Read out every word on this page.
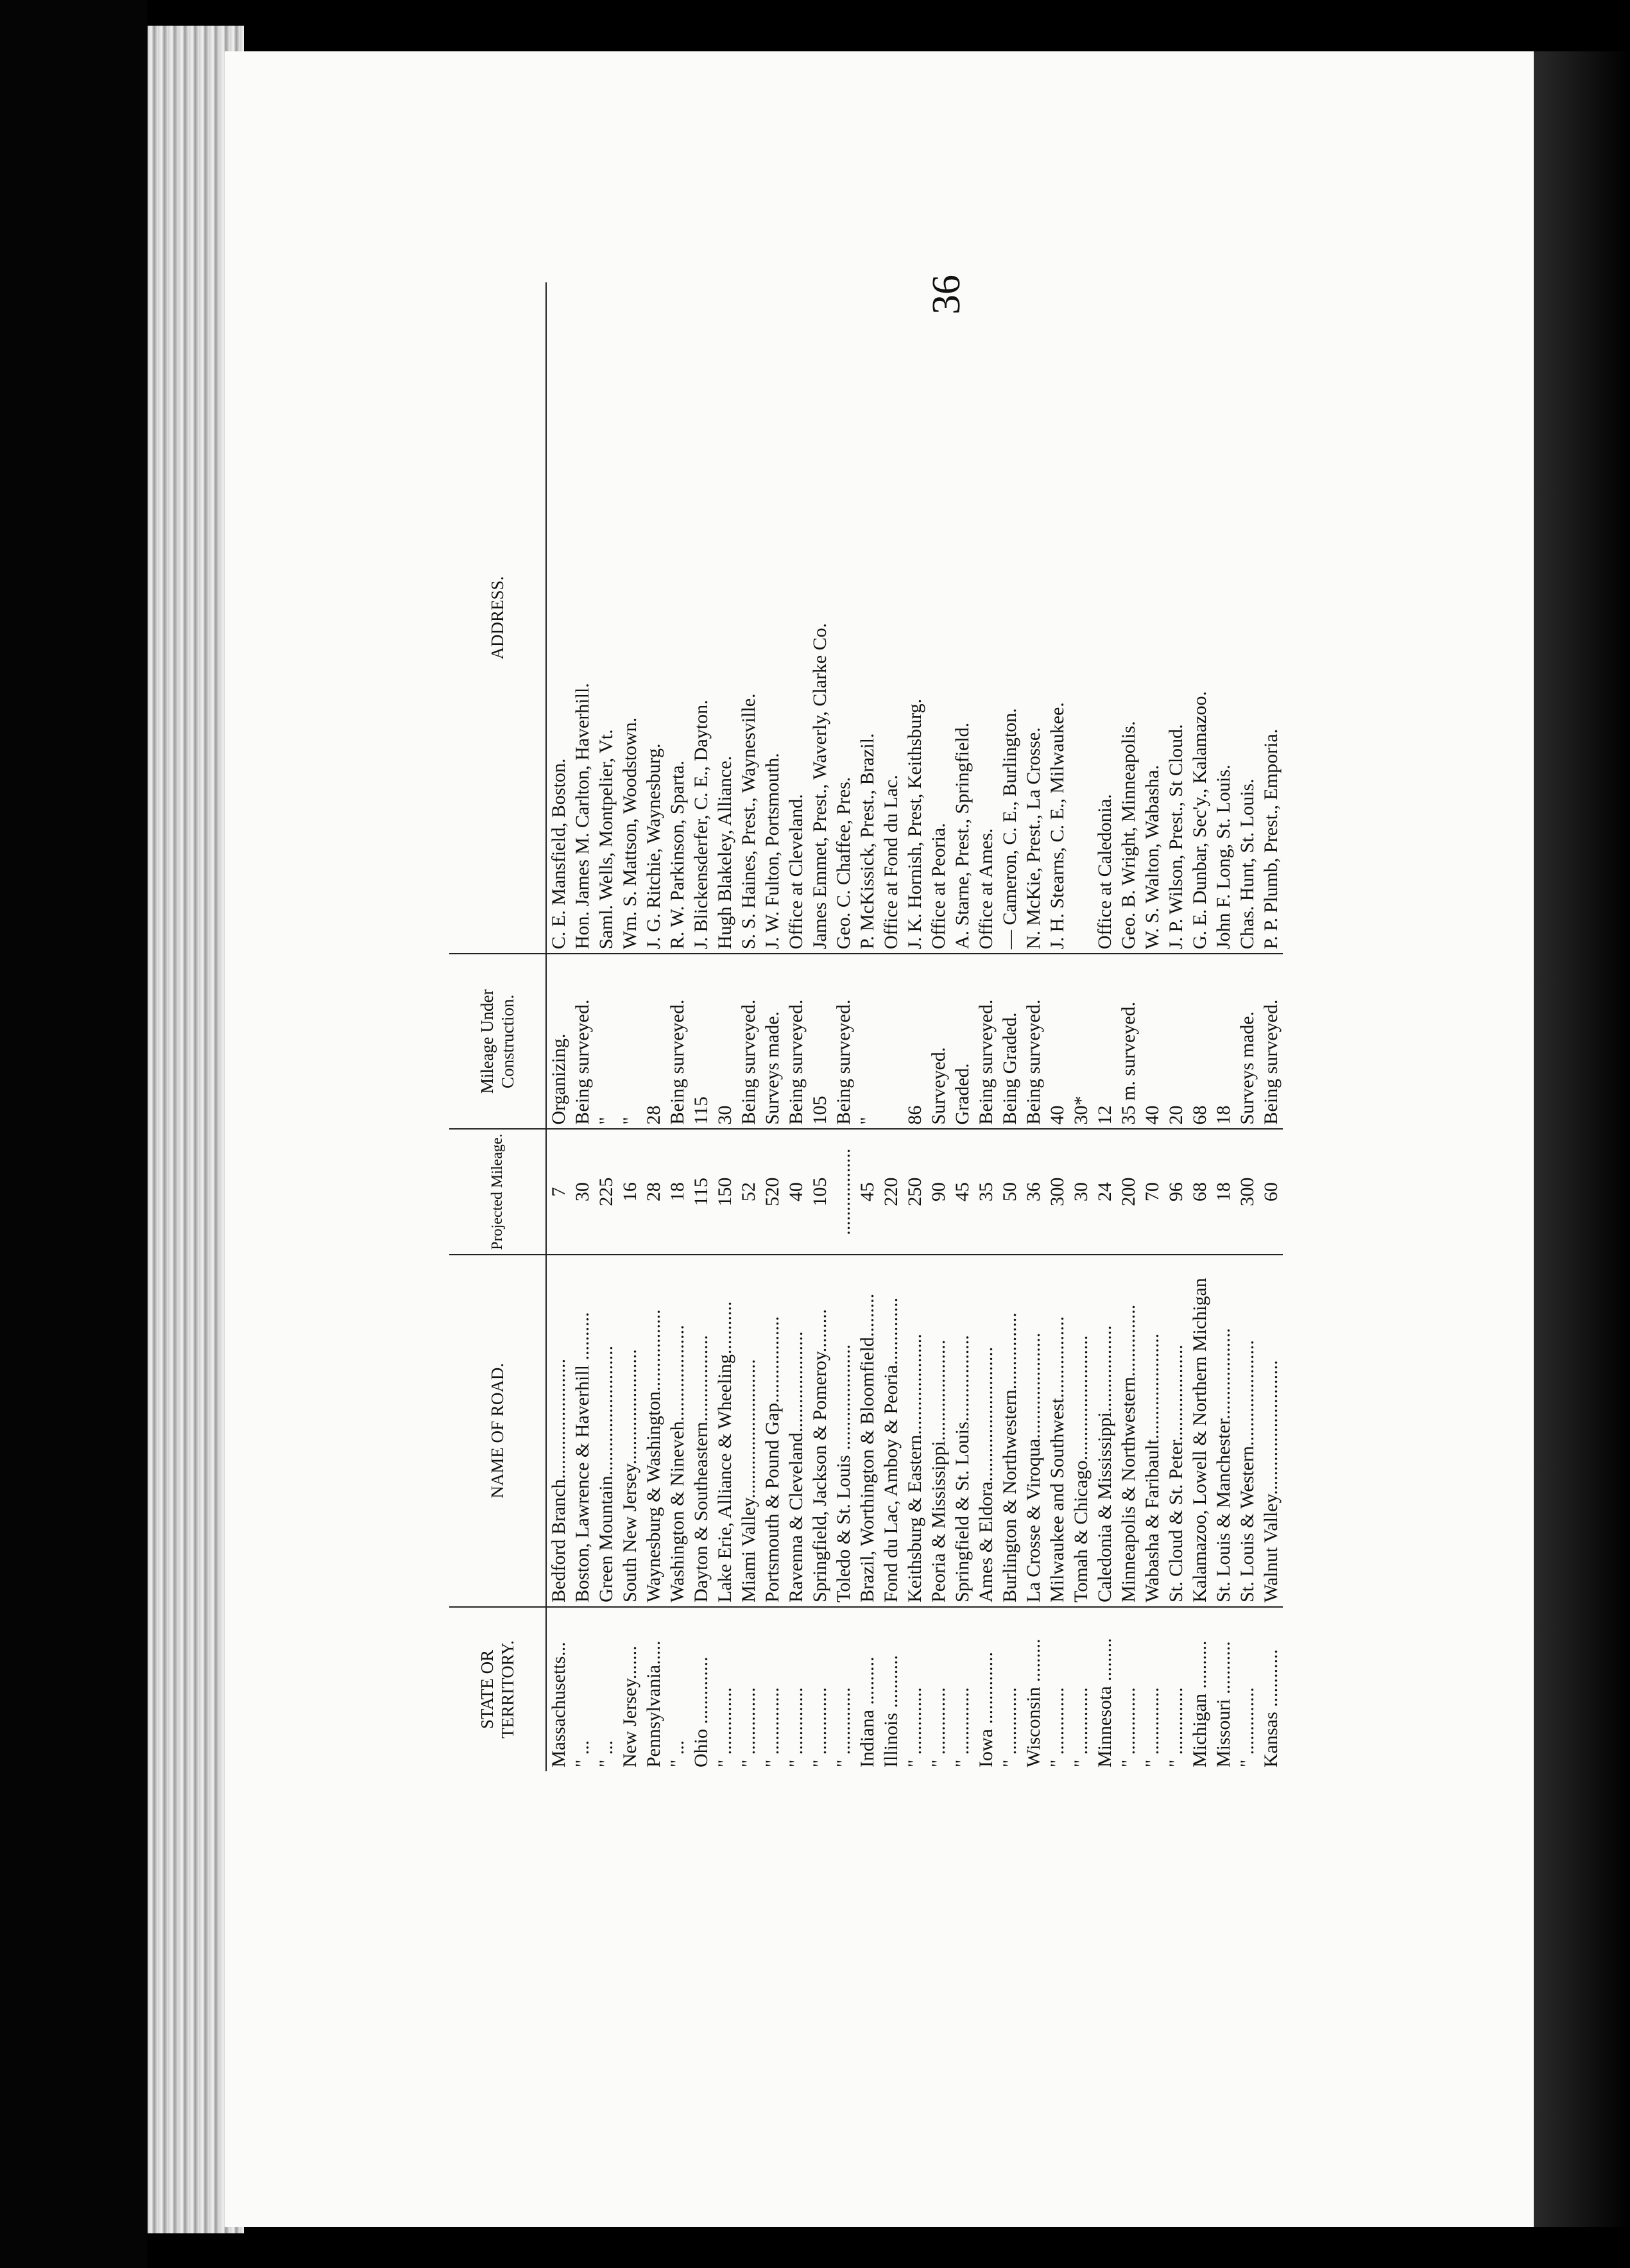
36
STATE OR TERRITORY.	NAME OF ROAD.	Projected Mileage.	Mileage Under Construction.	ADDRESS.
Massachusetts...	Bedford Branch.........................	7	Organizing.	C. E. Mansfield, Boston.
" ...	Boston, Lawrence & Haverhill ..........	30	Being surveyed.	Hon. James M. Carlton, Haverhill.
" ...	Green Mountain...........................	225	"	Saml. Wells, Montpelier, Vt.
New Jersey.......	South New Jersey........................	16	"	Wm. S. Mattson, Woodstown.
Pennsylvania.....	Waynesburg & Washington.................	28	28	J. G. Ritchie, Waynesburg.
" ...	Washington & Nineveh....................	18	Being surveyed.	R. W. Parkinson, Sparta.
Ohio ..............	Dayton & Southeastern..................	115	115	J. Blickensderfer, C. E., Dayton.
" ..............	Lake Erie, Alliance & Wheeling...........	150	30	Hugh Blakeley, Alliance.
" ..............	Miami Valley.............................	52	Being surveyed.	S. S. Haines, Prest., Waynesville.
" ..............	Portsmouth & Pound Gap..................	520	Surveys made.	J. W. Fulton, Portsmouth.
" ..............	Ravenna & Cleveland.....................	40	Being surveyed.	Office at Cleveland.
" ..............	Springfield, Jackson & Pomeroy.........	105	105	James Emmet, Prest., Waverly, Clarke Co.
" ..............	Toledo & St. Louis ......................	..................	Being surveyed.	Geo. C. Chaffee, Pres.
Indiana ..........	Brazil, Worthington & Bloomfield.........	45	"	P. McKissick, Prest., Brazil.
Illinois ...........	Fond du Lac, Amboy & Peoria..............	220		Office at Fond du Lac.
" ..............	Keithsburg & Eastern.....................	250	86	J. K. Hornish, Prest, Keithsburg.
" ..............	Peoria & Mississippi.....................	90	Surveyed.	Office at Peoria.
" ..............	Springfield & St. Louis..................	45	Graded.	A. Starne, Prest., Springfield.
Iowa ...............	Ames & Eldora............................	35	Being surveyed.	Office at Ames.
" ..............	Burlington & Northwestern................	50	Being Graded.	— Cameron, C. E., Burlington.
Wisconsin .........	La Crosse & Viroqua......................	36	Being surveyed.	N. McKie, Prest., La Crosse.
" ..............	Milwaukee and Southwest.................	300	40	J. H. Stearns, C. E., Milwaukee.
" ..............	Tomah & Chicago..........................	30	30*	
Minnesota .........	Caledonia & Mississippi..................	24	12	Office at Caledonia.
" ..............	Minneapolis & Northwestern...............	200	35 m. surveyed.	Geo. B. Wright, Minneapolis.
" ..............	Wabasha & Faribault......................	70	40	W. S. Walton, Wabasha.
" ..............	St. Cloud & St. Peter....................	96	20	J. P. Wilson, Prest., St Cloud.
Michigan ..........	Kalamazoo, Lowell & Northern Michigan	68	68	G. E. Dunbar, Sec'y., Kalamazoo.
Missouri ...........	St. Louis & Manchester...................	18	18	John F. Long, St. Louis.
" ..............	St. Louis & Western......................	300	Surveys made.	Chas. Hunt, St. Louis.
Kansas ............	Walnut Valley............................	60	Being surveyed.	P. P. Plumb, Prest., Emporia.
